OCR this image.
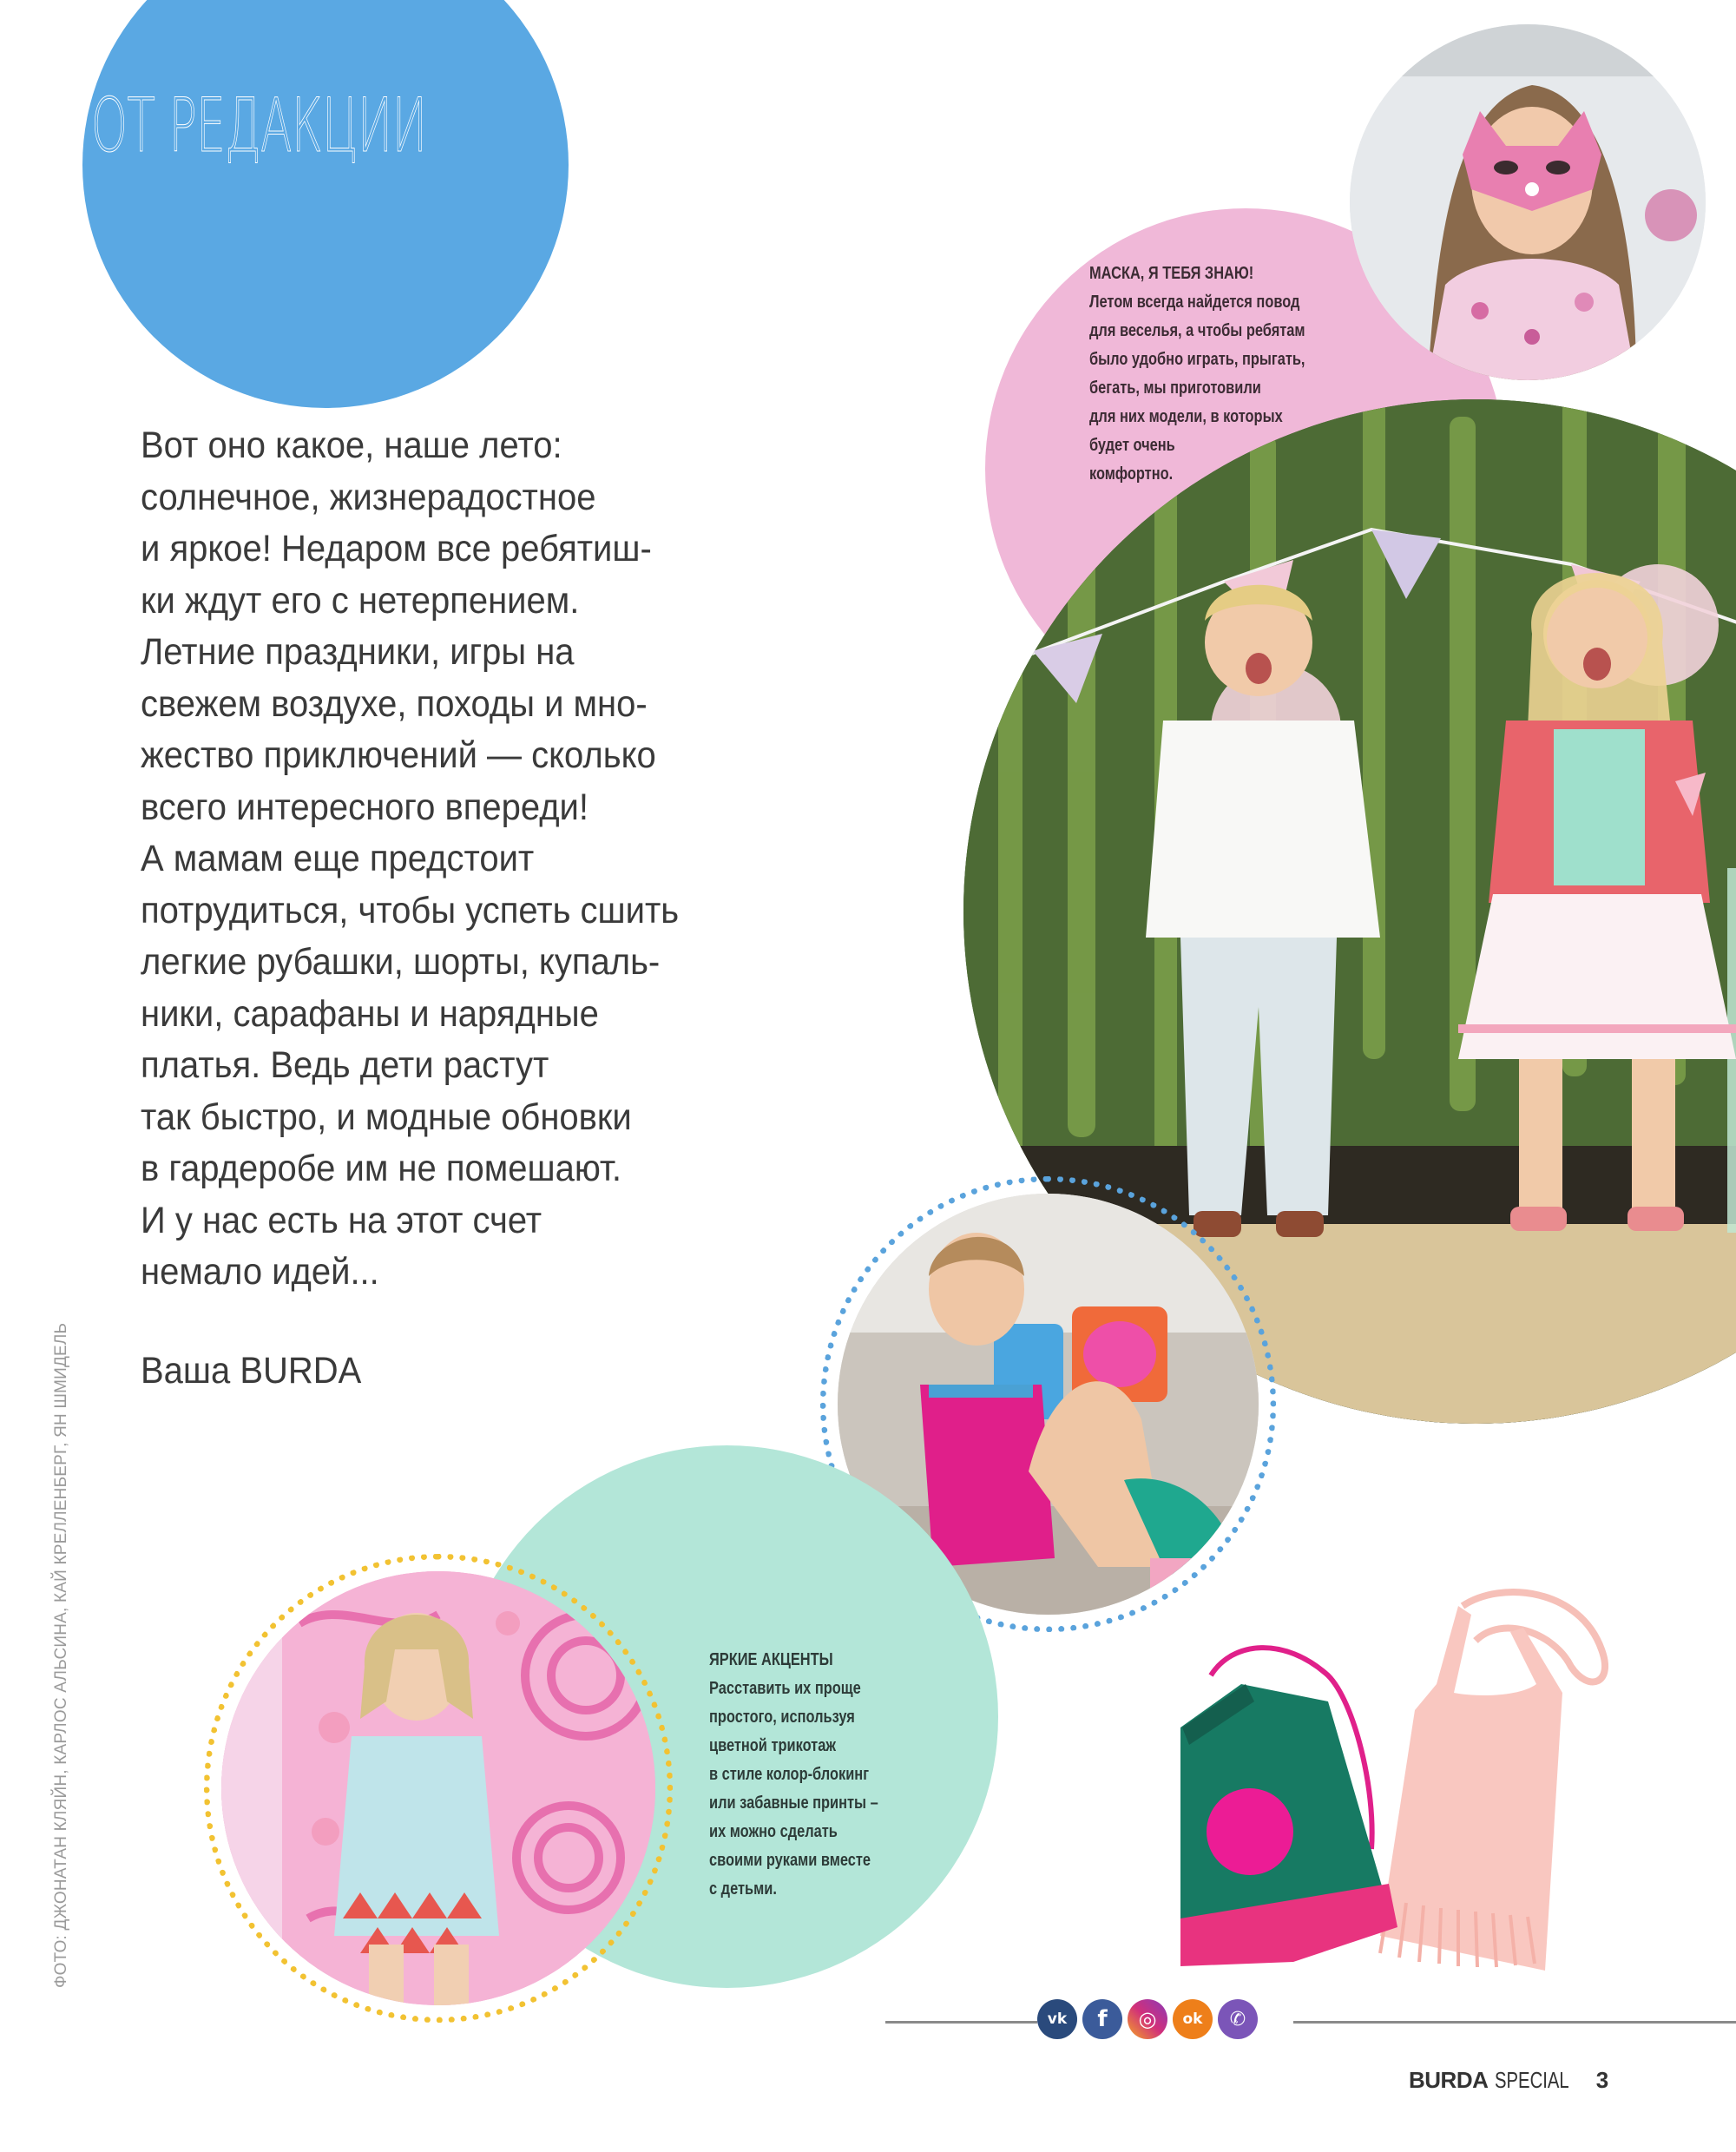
ОТ РЕДАКЦИИ
Вот оно какое, наше лето:
солнечное, жизнерадостное
и яркое! Недаром все ребятиш-
ки ждут его с нетерпением.
Летние праздники, игры на
свежем воздухе, походы и мно-
жество приключений — сколько
всего интересного впереди!
А мамам еще предстоит
потрудиться, чтобы успеть сшить
легкие рубашки, шорты, купаль-
ники, сарафаны и нарядные
платья. Ведь дети растут
так быстро, и модные обновки
в гардеробе им не помешают.
И у нас есть на этот счет
немало идей...
Ваша BURDA
ФОТО: ДЖОНАТАН КЛЯЙН, КАРЛОС АЛЬСИНА, КАЙ КРЕЛЛЕНБЕРГ, ЯН ШМИДЕЛЬ
МАСКА, Я ТЕБЯ ЗНАЮ!
Летом всегда найдется повод
для веселья, а чтобы ребятам
было удобно играть, прыгать,
бегать, мы приготовили
для них модели, в которых
будет очень
комфортно.
ЯРКИЕ АКЦЕНТЫ
Расставить их проще
простого, используя
цветной трикотаж
в стиле колор-блокинг
или забавные принты –
их можно сделать
своими руками вместе
с детьми.
vk f ◎ ok ✆
BURDA SPECIAL 3
